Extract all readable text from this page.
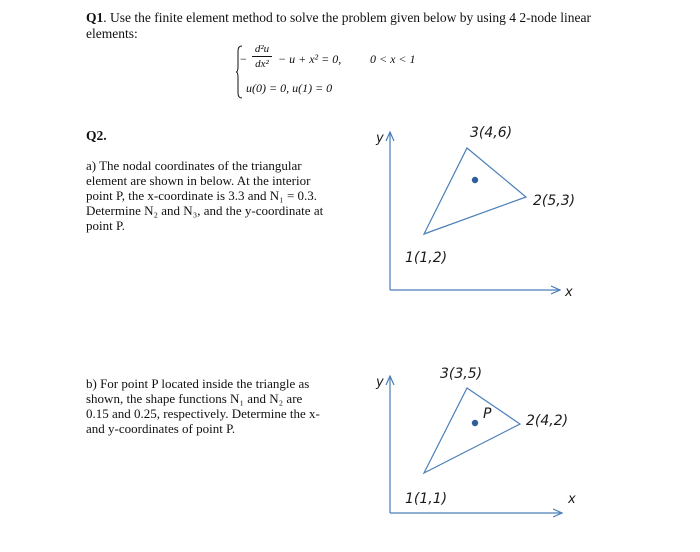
Q1. Use the finite element method to solve the problem given below by using 4 2-node linear elements:
−
d²u
dx² − u + x² = 0, 0 < x < 1
u(0) = 0, u(1) = 0
Q2.

a) The nodal coordinates of the triangular element are shown in below. At the interior point P, the x-coordinate is 3.3 and N₁ = 0.3. Determine N₂ and N₃, and the y-coordinate at point P.

b) For point P located inside the triangle as shown, the shape functions N₁ and N₂ are 0.15 and 0.25, respectively. Determine the x- and y-coordinates of point P.

y
x
1(1,2)
2(5,3)
3(4,6)
y
x
P
1(1,1)
2(4,2)
3(3,5)
